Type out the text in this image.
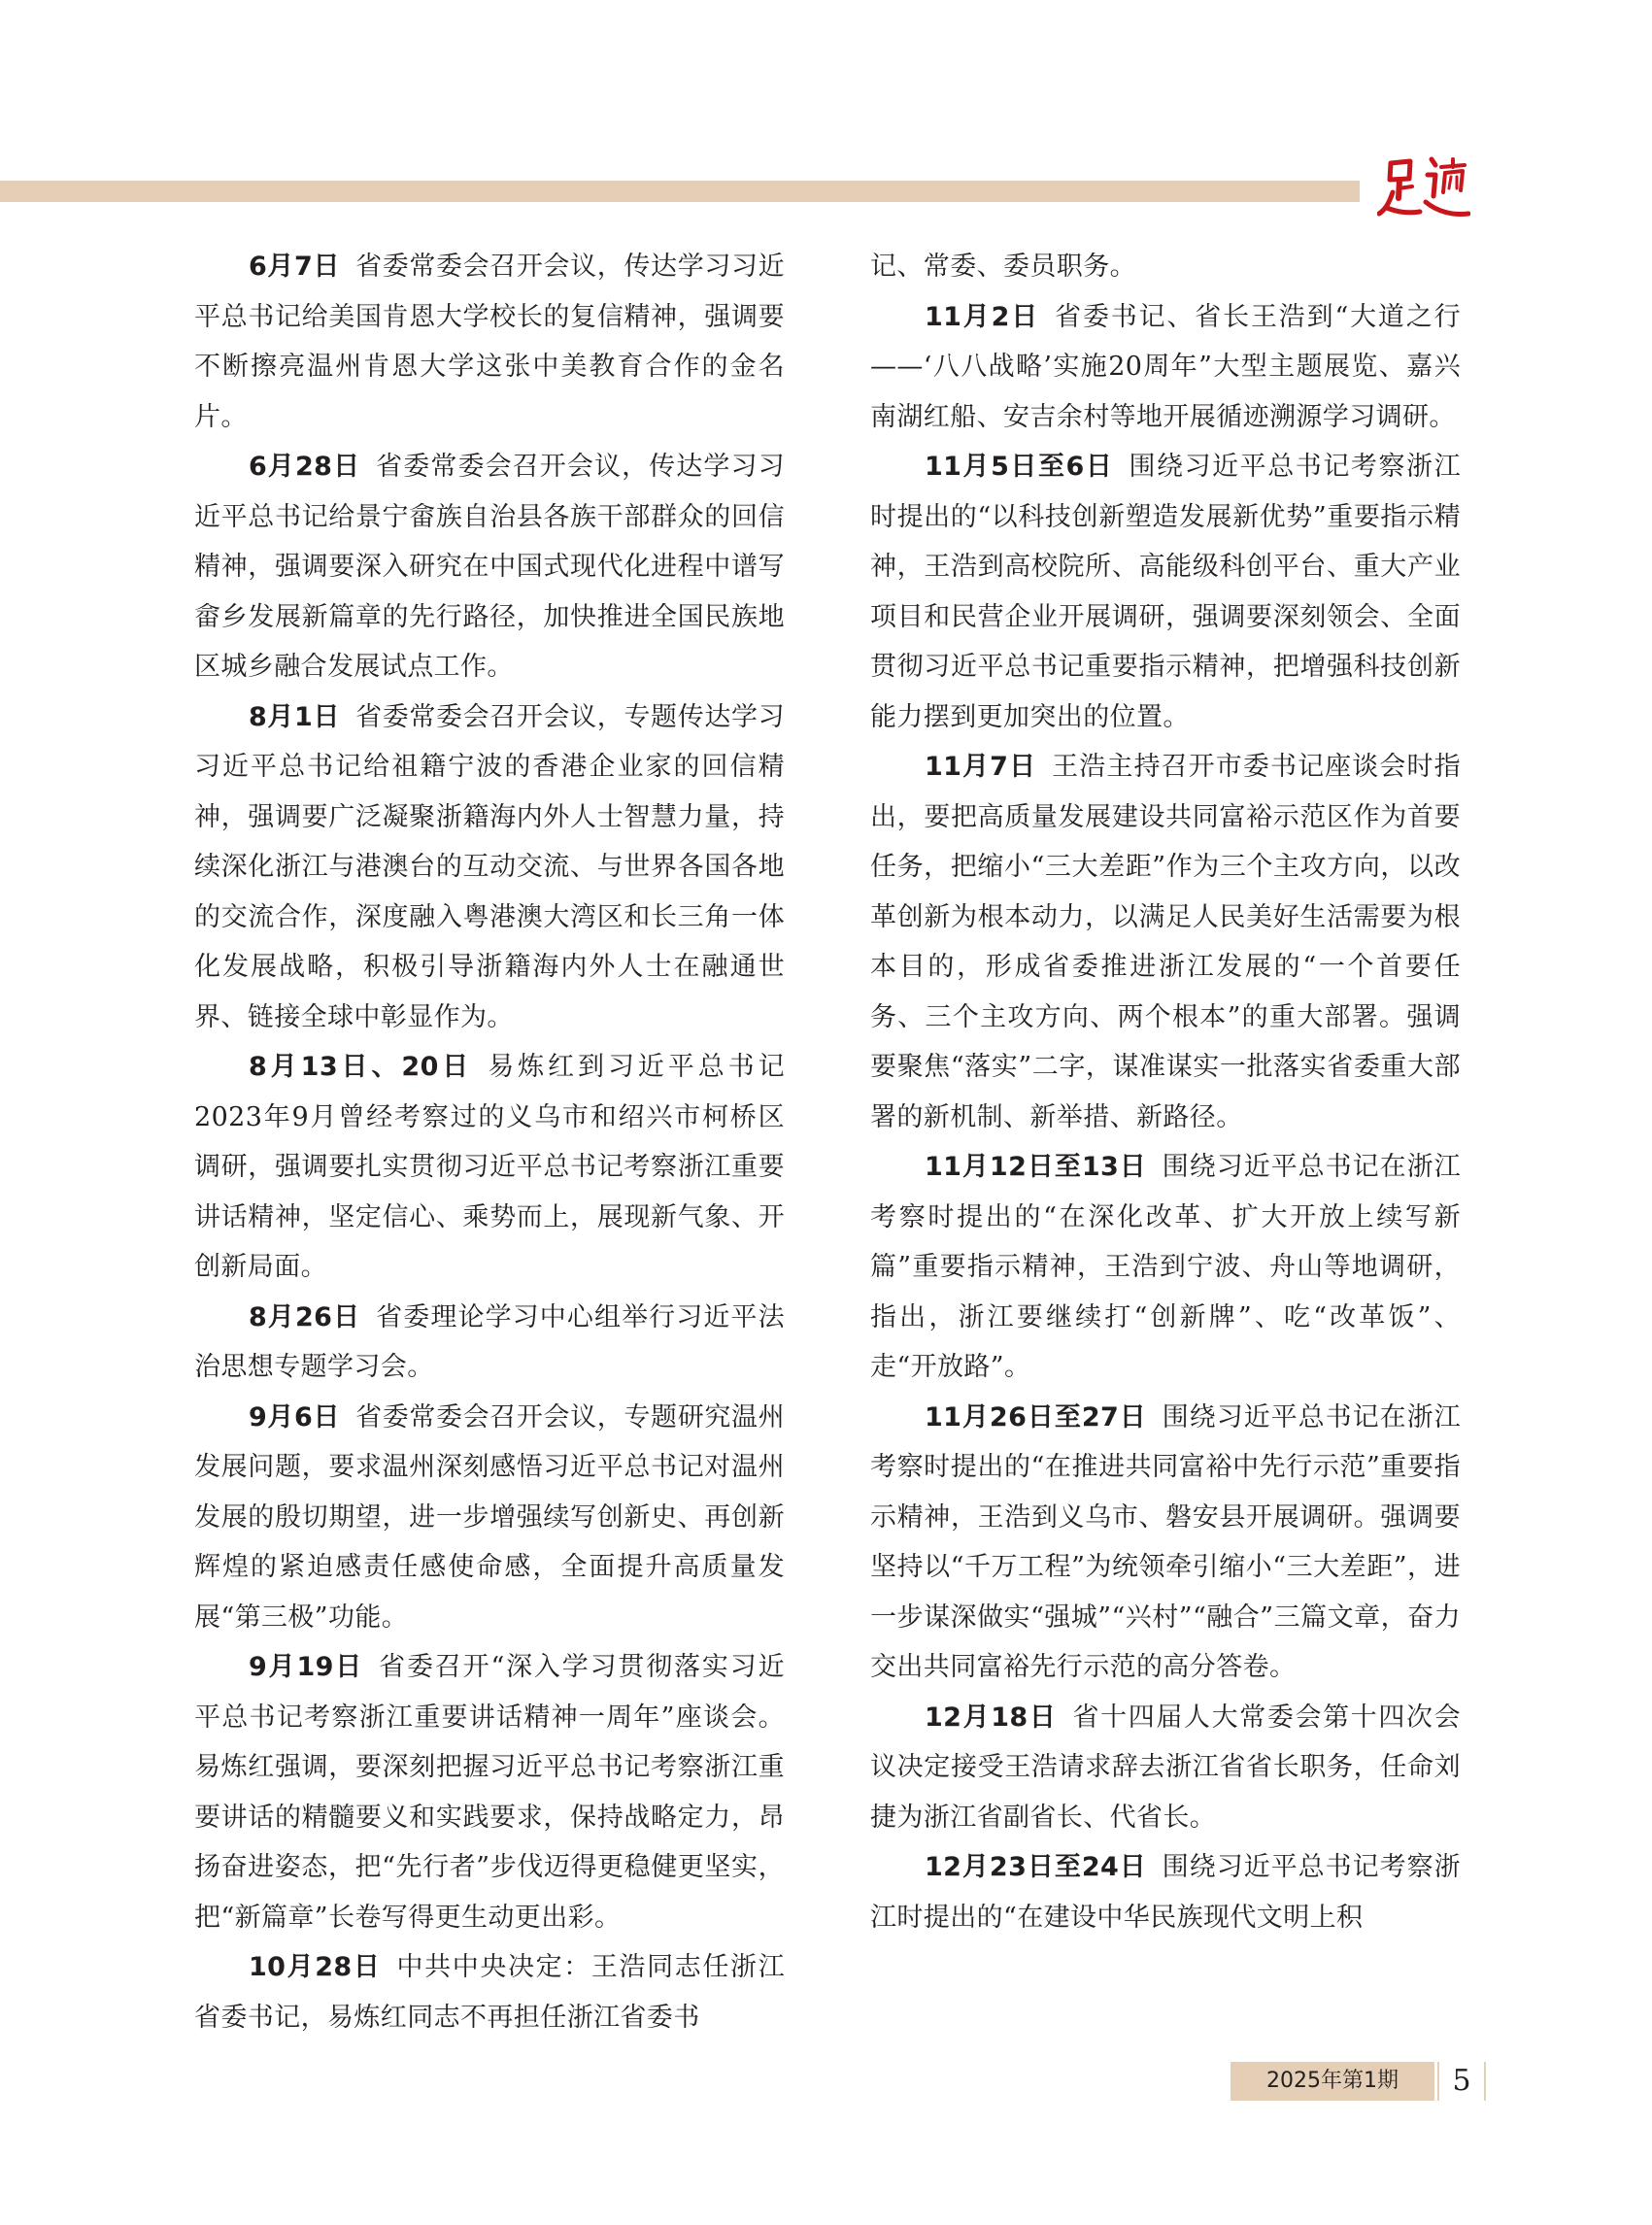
6月7日 省委常委会召开会议，传达学习习近平总书记给美国肯恩大学校长的复信精神，强调要不断擦亮温州肯恩大学这张中美教育合作的金名片。

6月28日 省委常委会召开会议，传达学习习近平总书记给景宁畲族自治县各族干部群众的回信精神，强调要深入研究在中国式现代化进程中谱写畲乡发展新篇章的先行路径，加快推进全国民族地区城乡融合发展试点工作。

8月1日 省委常委会召开会议，专题传达学习习近平总书记给祖籍宁波的香港企业家的回信精神，强调要广泛凝聚浙籍海内外人士智慧力量，持续深化浙江与港澳台的互动交流、与世界各国各地的交流合作，深度融入粤港澳大湾区和长三角一体化发展战略，积极引导浙籍海内外人士在融通世界、链接全球中彰显作为。

8月13日、20日 易炼红到习近平总书记2023年9月曾经考察过的义乌市和绍兴市柯桥区调研，强调要扎实贯彻习近平总书记考察浙江重要讲话精神，坚定信心、乘势而上，展现新气象、开创新局面。

8月26日 省委理论学习中心组举行习近平法治思想专题学习会。

9月6日 省委常委会召开会议，专题研究温州发展问题，要求温州深刻感悟习近平总书记对温州发展的殷切期望，进一步增强续写创新史、再创新辉煌的紧迫感责任感使命感，全面提升高质量发展“第三极”功能。

9月19日 省委召开“深入学习贯彻落实习近平总书记考察浙江重要讲话精神一周年”座谈会。易炼红强调，要深刻把握习近平总书记考察浙江重要讲话的精髓要义和实践要求，保持战略定力，昂扬奋进姿态，把“先行者”步伐迈得更稳健更坚实，把“新篇章”长卷写得更生动更出彩。

10月28日 中共中央决定：王浩同志任浙江省委书记，易炼红同志不再担任浙江省委书

记、常委、委员职务。

11月2日 省委书记、省长王浩到“大道之行——‘八八战略’实施20周年”大型主题展览、嘉兴南湖红船、安吉余村等地开展循迹溯源学习调研。

11月5日至6日 围绕习近平总书记考察浙江时提出的“以科技创新塑造发展新优势”重要指示精神，王浩到高校院所、高能级科创平台、重大产业项目和民营企业开展调研，强调要深刻领会、全面贯彻习近平总书记重要指示精神，把增强科技创新能力摆到更加突出的位置。

11月7日 王浩主持召开市委书记座谈会时指出，要把高质量发展建设共同富裕示范区作为首要任务，把缩小“三大差距”作为三个主攻方向，以改革创新为根本动力，以满足人民美好生活需要为根本目的，形成省委推进浙江发展的“一个首要任务、三个主攻方向、两个根本”的重大部署。强调要聚焦“落实”二字，谋准谋实一批落实省委重大部署的新机制、新举措、新路径。

11月12日至13日 围绕习近平总书记在浙江考察时提出的“在深化改革、扩大开放上续写新篇”重要指示精神，王浩到宁波、舟山等地调研，指出，浙江要继续打“创新牌”、吃“改革饭”、走“开放路”。

11月26日至27日 围绕习近平总书记在浙江考察时提出的“在推进共同富裕中先行示范”重要指示精神，王浩到义乌市、磐安县开展调研。强调要坚持以“千万工程”为统领牵引缩小“三大差距”，进一步谋深做实“强城”“兴村”“融合”三篇文章，奋力交出共同富裕先行示范的高分答卷。

12月18日 省十四届人大常委会第十四次会议决定接受王浩请求辞去浙江省省长职务，任命刘捷为浙江省副省长、代省长。

12月23日至24日 围绕习近平总书记考察浙江时提出的“在建设中华民族现代文明上积

2025年第1期	5
